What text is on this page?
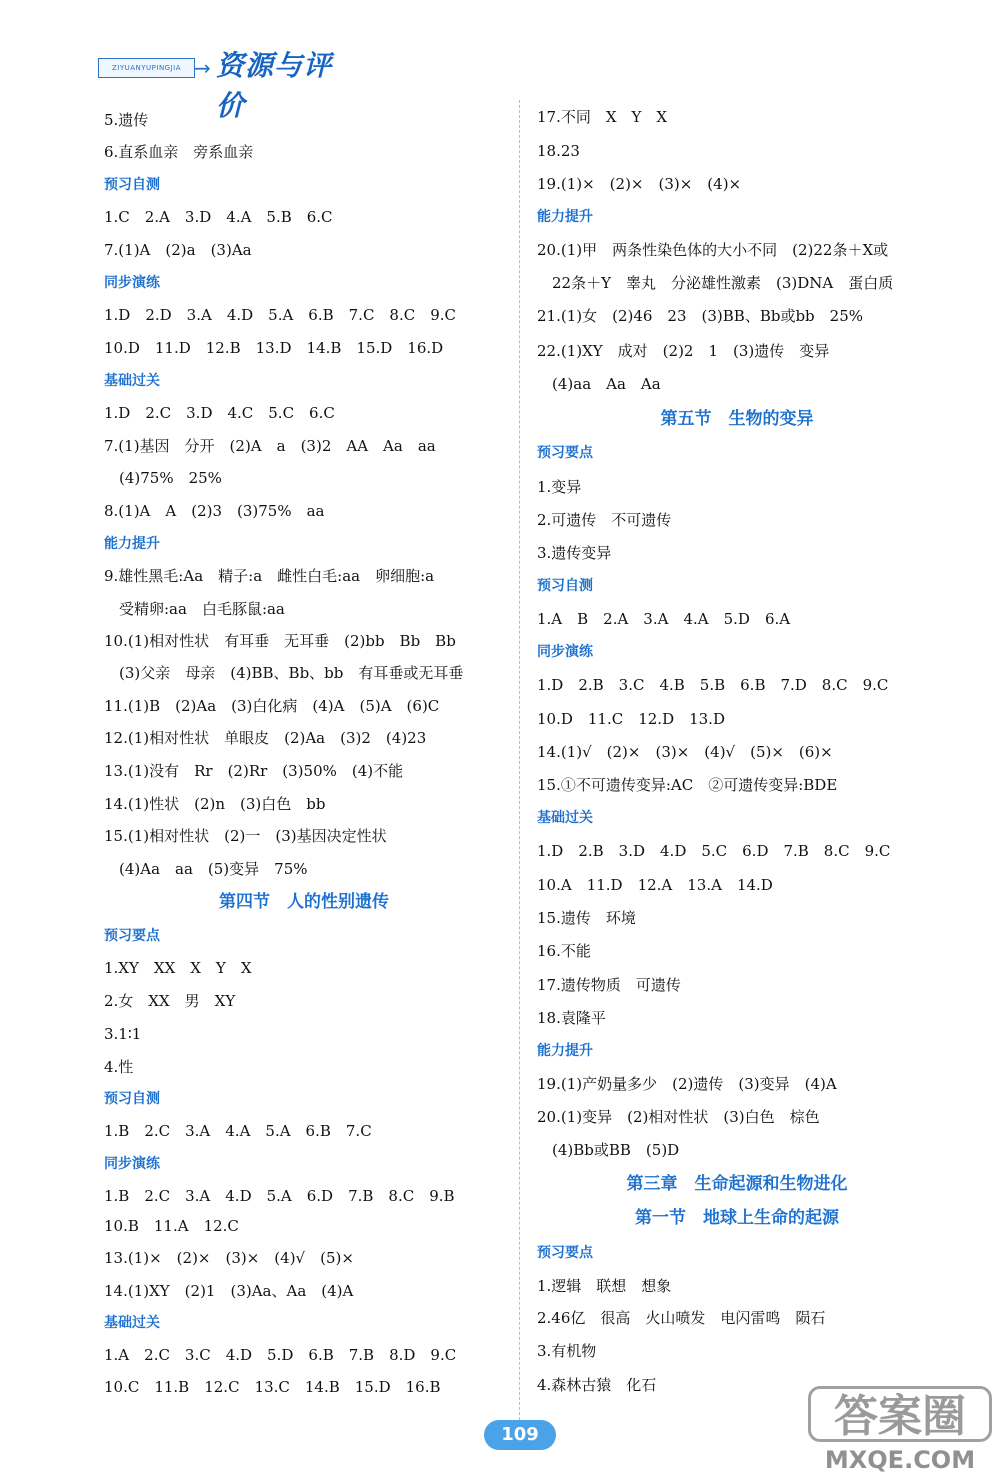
ZIYUANYUPINGJIA → 资源与评价
5.遗传
6.直系血亲　旁系血亲
预习自测
1.C　2.A　3.D　4.A　5.B　6.C
7.(1)A　(2)a　(3)Aa
同步演练
1.D　2.D　3.A　4.D　5.A　6.B　7.C　8.C　9.C
10.D　11.D　12.B　13.D　14.B　15.D　16.D
基础过关
1.D　2.C　3.D　4.C　5.C　6.C
7.(1)基因　分开　(2)A　a　(3)2　AA　Aa　aa
　(4)75%　25%
8.(1)A　A　(2)3　(3)75%　aa
能力提升
9.雄性黑毛:Aa　精子:a　雌性白毛:aa　卵细胞:a
　受精卵:aa　白毛豚鼠:aa
10.(1)相对性状　有耳垂　无耳垂　(2)bb　Bb　Bb
　(3)父亲　母亲　(4)BB、Bb、bb　有耳垂或无耳垂
11.(1)B　(2)Aa　(3)白化病　(4)A　(5)A　(6)C
12.(1)相对性状　单眼皮　(2)Aa　(3)2　(4)23
13.(1)没有　Rr　(2)Rr　(3)50%　(4)不能
14.(1)性状　(2)n　(3)白色　bb
15.(1)相对性状　(2)一　(3)基因决定性状
　(4)Aa　aa　(5)变异　75%
第四节　人的性别遗传
预习要点
1.XY　XX　X　Y　X
2.女　XX　男　XY
3.1∶1
4.性
预习自测
1.B　2.C　3.A　4.A　5.A　6.B　7.C
同步演练
1.B　2.C　3.A　4.D　5.A　6.D　7.B　8.C　9.B
10.B　11.A　12.C
13.(1)×　(2)×　(3)×　(4)√　(5)×
14.(1)XY　(2)1　(3)Aa、Aa　(4)A
基础过关
1.A　2.C　3.C　4.D　5.D　6.B　7.B　8.D　9.C
10.C　11.B　12.C　13.C　14.B　15.D　16.B
17.不同　X　Y　X
18.23
19.(1)×　(2)×　(3)×　(4)×
能力提升
20.(1)甲　两条性染色体的大小不同　(2)22条＋X或
　22条＋Y　睾丸　分泌雄性激素　(3)DNA　蛋白质
21.(1)女　(2)46　23　(3)BB、Bb或bb　25%
22.(1)XY　成对　(2)2　1　(3)遗传　变异
　(4)aa　Aa　Aa
第五节　生物的变异
预习要点
1.变异
2.可遗传　不可遗传
3.遗传变异
预习自测
1.A　B　2.A　3.A　4.A　5.D　6.A
同步演练
1.D　2.B　3.C　4.B　5.B　6.B　7.D　8.C　9.C
10.D　11.C　12.D　13.D
14.(1)√　(2)×　(3)×　(4)√　(5)×　(6)×
15.①不可遗传变异:AC　②可遗传变异:BDE
基础过关
1.D　2.B　3.D　4.D　5.C　6.D　7.B　8.C　9.C
10.A　11.D　12.A　13.A　14.D
15.遗传　环境
16.不能
17.遗传物质　可遗传
18.袁隆平
能力提升
19.(1)产奶量多少　(2)遗传　(3)变异　(4)A
20.(1)变异　(2)相对性状　(3)白色　棕色
　(4)Bb或BB　(5)D
第三章　生命起源和生物进化
第一节　地球上生命的起源
预习要点
1.逻辑　联想　想象
2.46亿　很高　火山喷发　电闪雷鸣　陨石
3.有机物
4.森林古猿　化石
109	答案圈
MXQE.COM
